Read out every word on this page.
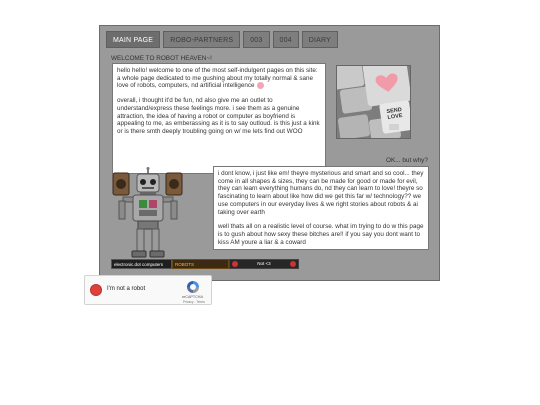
MAIN PAGE	ROBO-PARTNERS	003	004	DIARY
WELCOME TO ROBOT HEAVEN~!

hello hello! welcome to one of the most self-indulgent pages on this site: a whole page dedicated to me gushing about my totally normal & sane love of robots, computers, nd artificial intelligence

overall, i thought it'd be fun, nd also give me an outlet to understand/express these feelings more. i see them as a genuine attraction, the idea of having a robot or computer as boyfriend is appealing to me, as emberassing as it is to say outloud. is this just a kink or is there smth deeply troubling going on w/ me lets find out WOO

SEND
LOVE
OK... but why?

i dont know, i just like em! theyre mysterious and smart and so cool... they come in all shapes & sizes, they can be made for good or made for evil, they can learn everything humans do, nd they can learn to love! theyre so fascinating to learn about like how did we get this far w/ technology?? we use computers in our everyday lives & we right stories about robots & ai taking over earth

well thats all on a realistic level of course. what im trying to do w this page is to gush about how sexy these bitches are!! if you say you dont want to kiss AM youre a liar & a coward

electronic.dot computers	ROBOTS	Not <3
I'm not a robot
reCAPTCHA
Privacy - Terms
